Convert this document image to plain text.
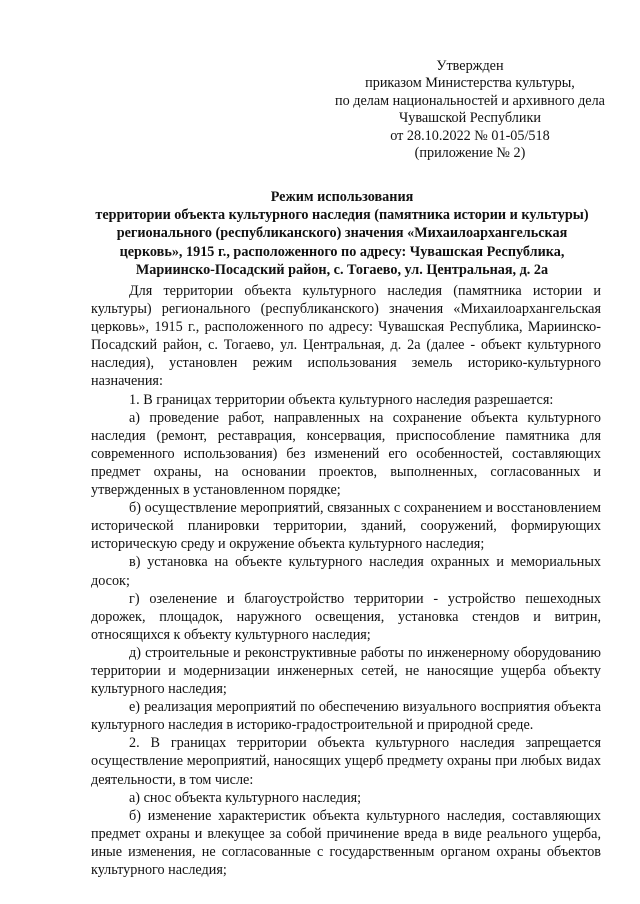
Утвержден
приказом Министерства культуры,
по делам национальностей и архивного дела
Чувашской Республики
от 28.10.2022 № 01-05/518
(приложение № 2)
Режим использования
территории объекта культурного наследия (памятника истории и культуры)
регионального (республиканского) значения «Михаилоархангельская
церковь», 1915 г., расположенного по адресу: Чувашская Республика,
Мариинско-Посадский район, с. Тогаево, ул. Центральная, д. 2а

Для территории объекта культурного наследия (памятника истории и культуры) регионального (республиканского) значения «Михаилоархангельская церковь», 1915 г., расположенного по адресу: Чувашская Республика, Мариинско-Посадский район, с. Тогаево, ул. Центральная, д. 2а (далее - объект культурного наследия), установлен режим использования земель историко-культурного назначения:

1. В границах территории объекта культурного наследия разрешается:

а) проведение работ, направленных на сохранение объекта культурного наследия (ремонт, реставрация, консервация, приспособление памятника для современного использования) без изменений его особенностей, составляющих предмет охраны, на основании проектов, выполненных, согласованных и утвержденных в установленном порядке;

б) осуществление мероприятий, связанных с сохранением и восстановлением исторической планировки территории, зданий, сооружений, формирующих историческую среду и окружение объекта культурного наследия;

в) установка на объекте культурного наследия охранных и мемориальных досок;

г) озеленение и благоустройство территории - устройство пешеходных дорожек, площадок, наружного освещения, установка стендов и витрин, относящихся к объекту культурного наследия;

д) строительные и реконструктивные работы по инженерному оборудованию территории и модернизации инженерных сетей, не наносящие ущерба объекту культурного наследия;

е) реализация мероприятий по обеспечению визуального восприятия объекта культурного наследия в историко-градостроительной и природной среде.

2. В границах территории объекта культурного наследия запрещается осуществление мероприятий, наносящих ущерб предмету охраны при любых видах деятельности, в том числе:

а) снос объекта культурного наследия;

б) изменение характеристик объекта культурного наследия, составляющих предмет охраны и влекущее за собой причинение вреда в виде реального ущерба, иные изменения, не согласованные с государственным органом охраны объектов культурного наследия;
